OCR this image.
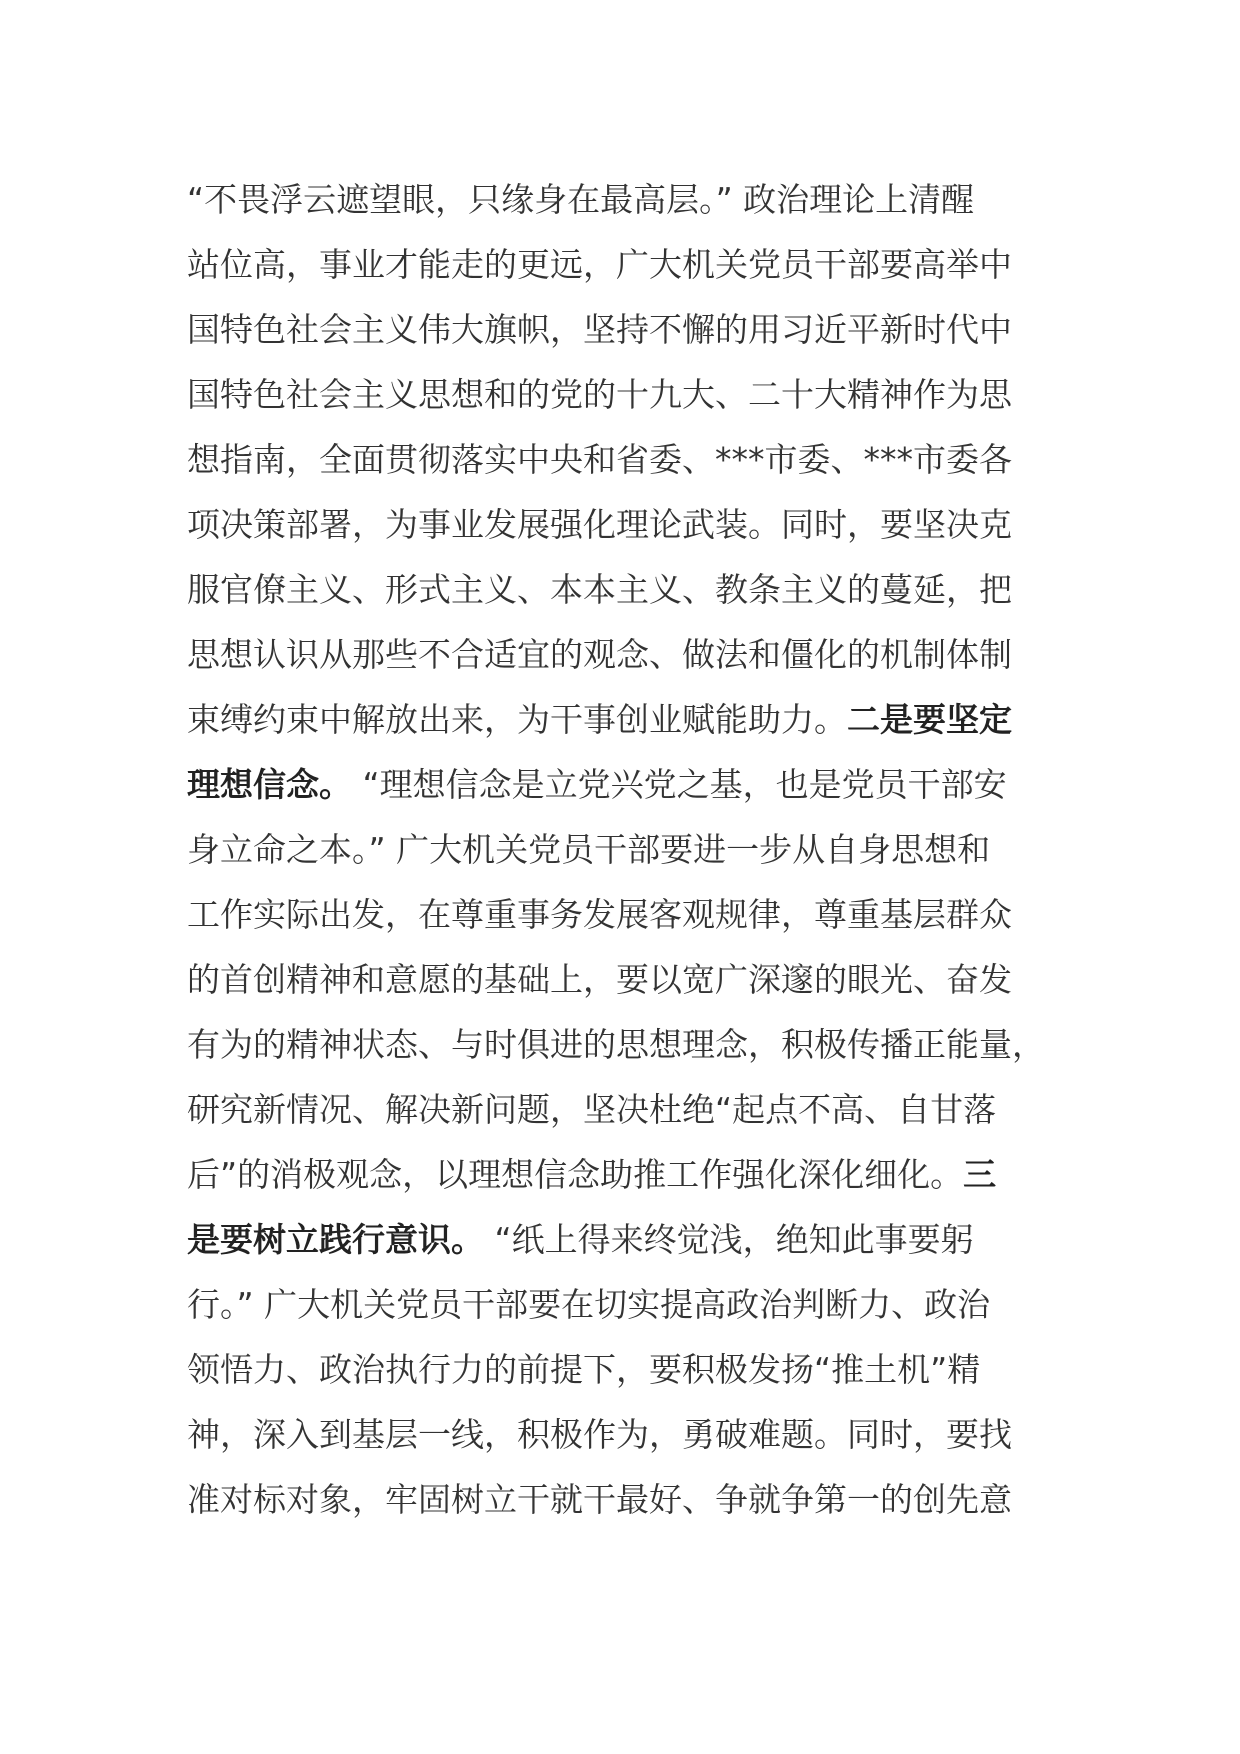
“不畏浮云遮望眼，只缘身在最高层。” 政治理论上清醒
站位高，事业才能走的更远，广大机关党员干部要高举中
国特色社会主义伟大旗帜，坚持不懈的用习近平新时代中
国特色社会主义思想和的党的十九大、二十大精神作为思
想指南，全面贯彻落实中央和省委、***市委、***市委各
项决策部署，为事业发展强化理论武装。同时，要坚决克
服官僚主义、形式主义、本本主义、教条主义的蔓延，把
思想认识从那些不合适宜的观念、做法和僵化的机制体制
束缚约束中解放出来，为干事创业赋能助力。二是要坚定
理想信念。 “理想信念是立党兴党之基，也是党员干部安
身立命之本。” 广大机关党员干部要进一步从自身思想和
工作实际出发，在尊重事务发展客观规律，尊重基层群众
的首创精神和意愿的基础上，要以宽广深邃的眼光、奋发
有为的精神状态、与时俱进的思想理念，积极传播正能量，
研究新情况、解决新问题，坚决杜绝“起点不高、自甘落
后”的消极观念，以理想信念助推工作强化深化细化。三
是要树立践行意识。 “纸上得来终觉浅，绝知此事要躬
行。” 广大机关党员干部要在切实提高政治判断力、政治
领悟力、政治执行力的前提下，要积极发扬“推土机”精
神，深入到基层一线，积极作为，勇破难题。同时，要找
准对标对象，牢固树立干就干最好、争就争第一的创先意
